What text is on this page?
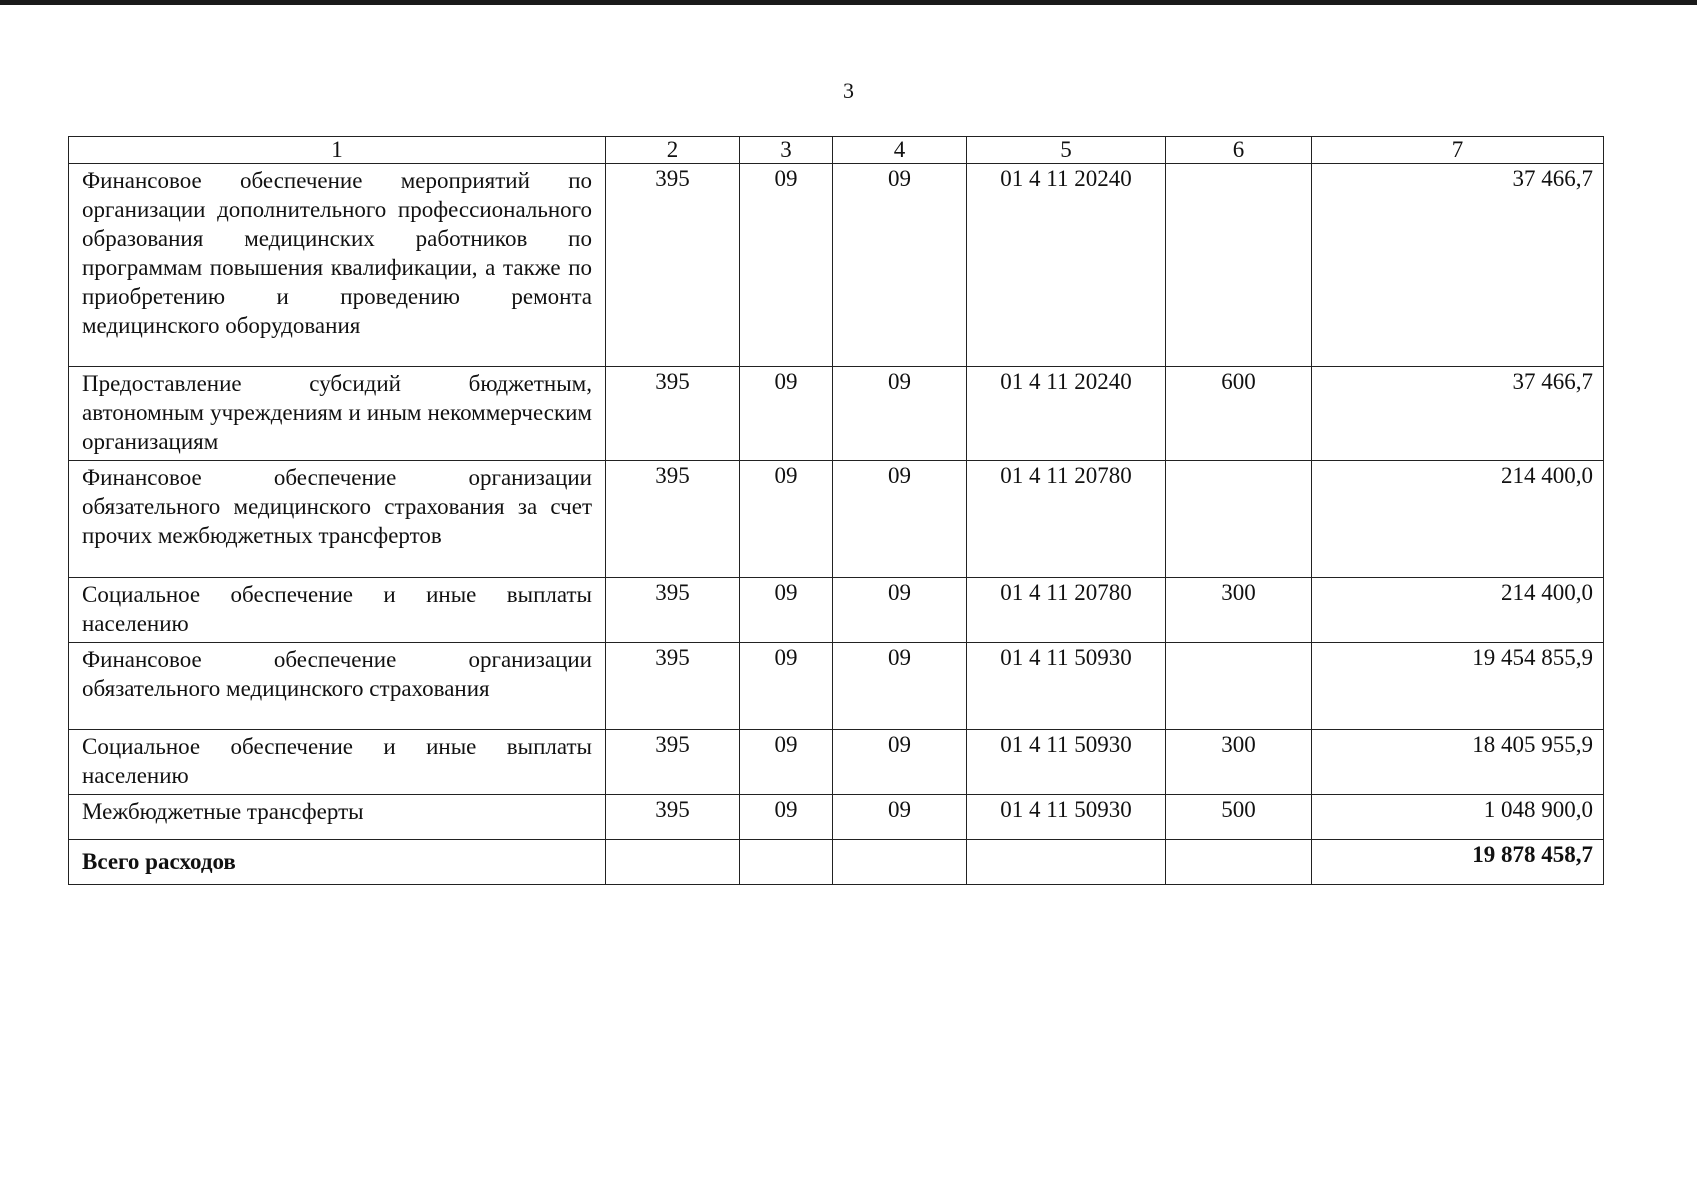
3
1	2	3	4	5	6	7
Финансовое обеспечение мероприятий по организации дополнительного профессионального образования медицинских работников по программам повышения квалификации, а также по приобретению и проведению ремонта медицинского оборудования	395	09	09	01 4 11 20240		37 466,7
Предоставление субсидий бюджетным, автономным учреждениям и иным некоммерческим организациям	395	09	09	01 4 11 20240	600	37 466,7
Финансовое обеспечение организации обязательного медицинского страхования за счет прочих межбюджетных трансфертов	395	09	09	01 4 11 20780		214 400,0
Социальное обеспечение и иные выплаты населению	395	09	09	01 4 11 20780	300	214 400,0
Финансовое обеспечение организации обязательного медицинского страхования	395	09	09	01 4 11 50930		19 454 855,9
Социальное обеспечение и иные выплаты населению	395	09	09	01 4 11 50930	300	18 405 955,9
Межбюджетные трансферты	395	09	09	01 4 11 50930	500	1 048 900,0
Всего расходов						19 878 458,7
